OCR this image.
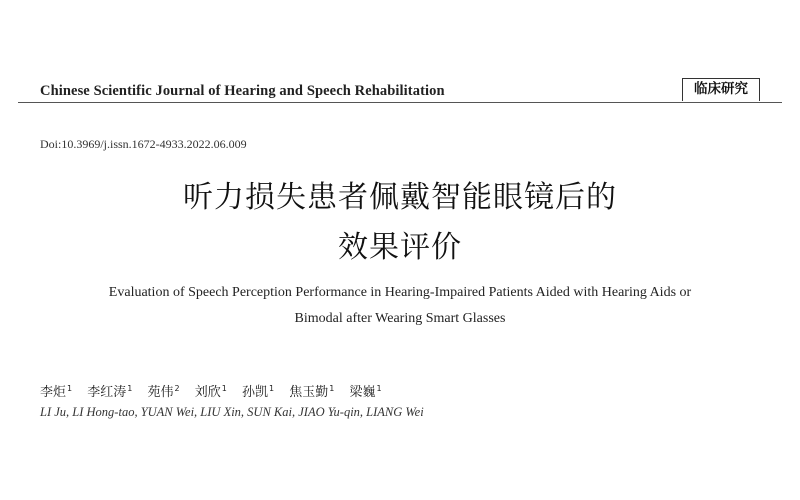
Chinese Scientific Journal of Hearing and Speech Rehabilitation	临床研究
Doi:10.3969/j.issn.1672-4933.2022.06.009
听力损失患者佩戴智能眼镜后的
效果评价
Evaluation of Speech Perception Performance in Hearing-Impaired Patients Aided with Hearing Aids or
Bimodal after Wearing Smart Glasses
李炬$^1$ 李红涛$^1$ 苑伟$^2$ 刘欣$^1$ 孙凯$^1$ 焦玉勤$^1$ 梁巍$^1$
LI Ju, LI Hong-tao, YUAN Wei, LIU Xin, SUN Kai, JIAO Yu-qin, LIANG Wei
